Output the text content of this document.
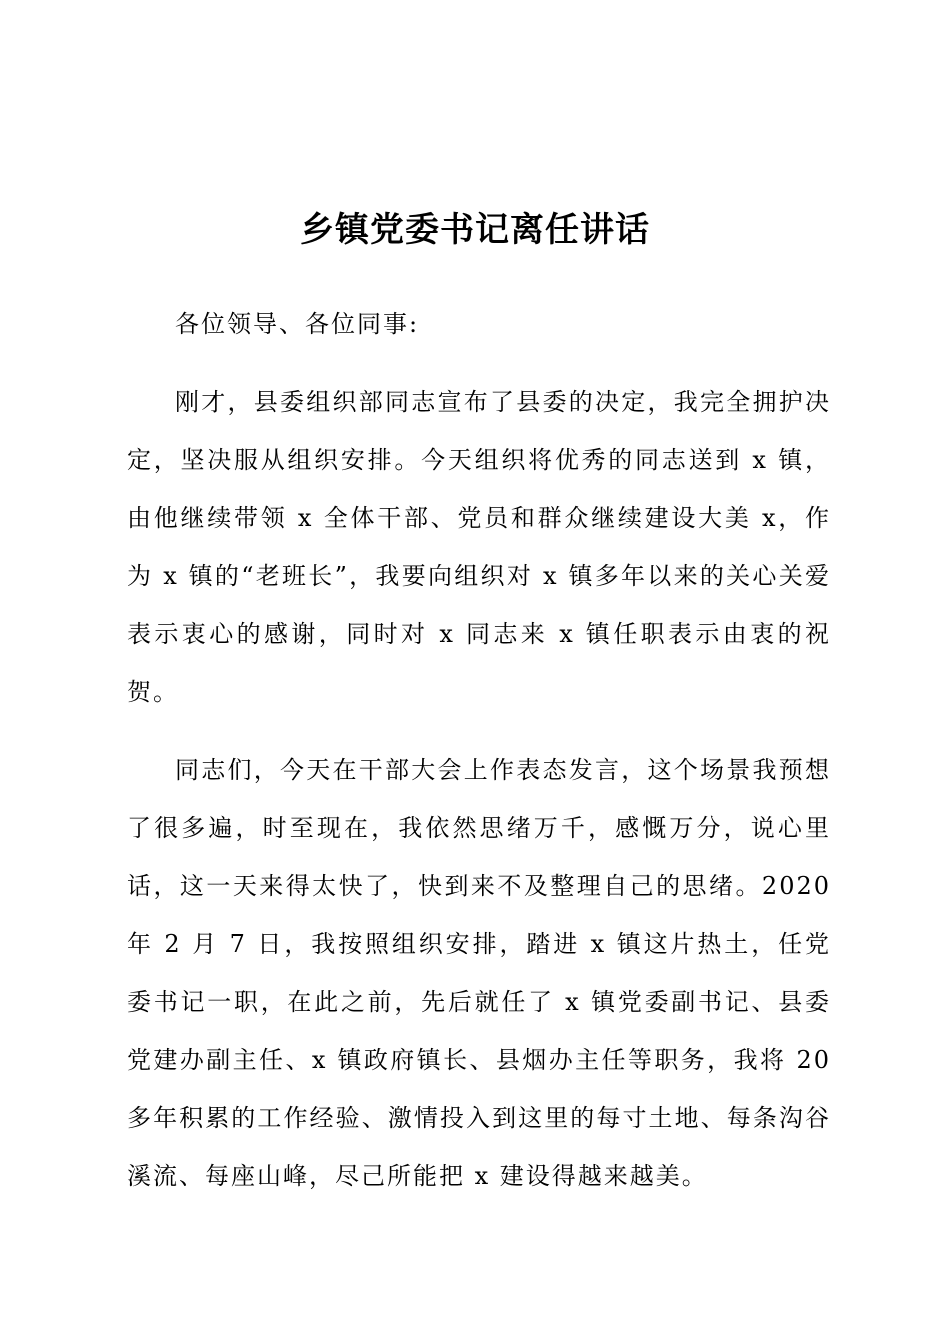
乡镇党委书记离任讲话

各位领导、各位同事:

刚才，县委组织部同志宣布了县委的决定，我完全拥护决定，坚决服从组织安排。今天组织将优秀的同志送到 x 镇，由他继续带领 x 全体干部、党员和群众继续建设大美 x，作为 x 镇的“老班长”，我要向组织对 x 镇多年以来的关心关爱表示衷心的感谢，同时对 x 同志来 x 镇任职表示由衷的祝贺。

同志们，今天在干部大会上作表态发言，这个场景我预想了很多遍，时至现在，我依然思绪万千，感慨万分，说心里话，这一天来得太快了，快到来不及整理自己的思绪。2020 年 2 月 7 日，我按照组织安排，踏进 x 镇这片热土，任党委书记一职，在此之前，先后就任了 x 镇党委副书记、县委党建办副主任、x 镇政府镇长、县烟办主任等职务，我将 20 多年积累的工作经验、激情投入到这里的每寸土地、每条沟谷溪流、每座山峰，尽己所能把 x 建设得越来越美。
